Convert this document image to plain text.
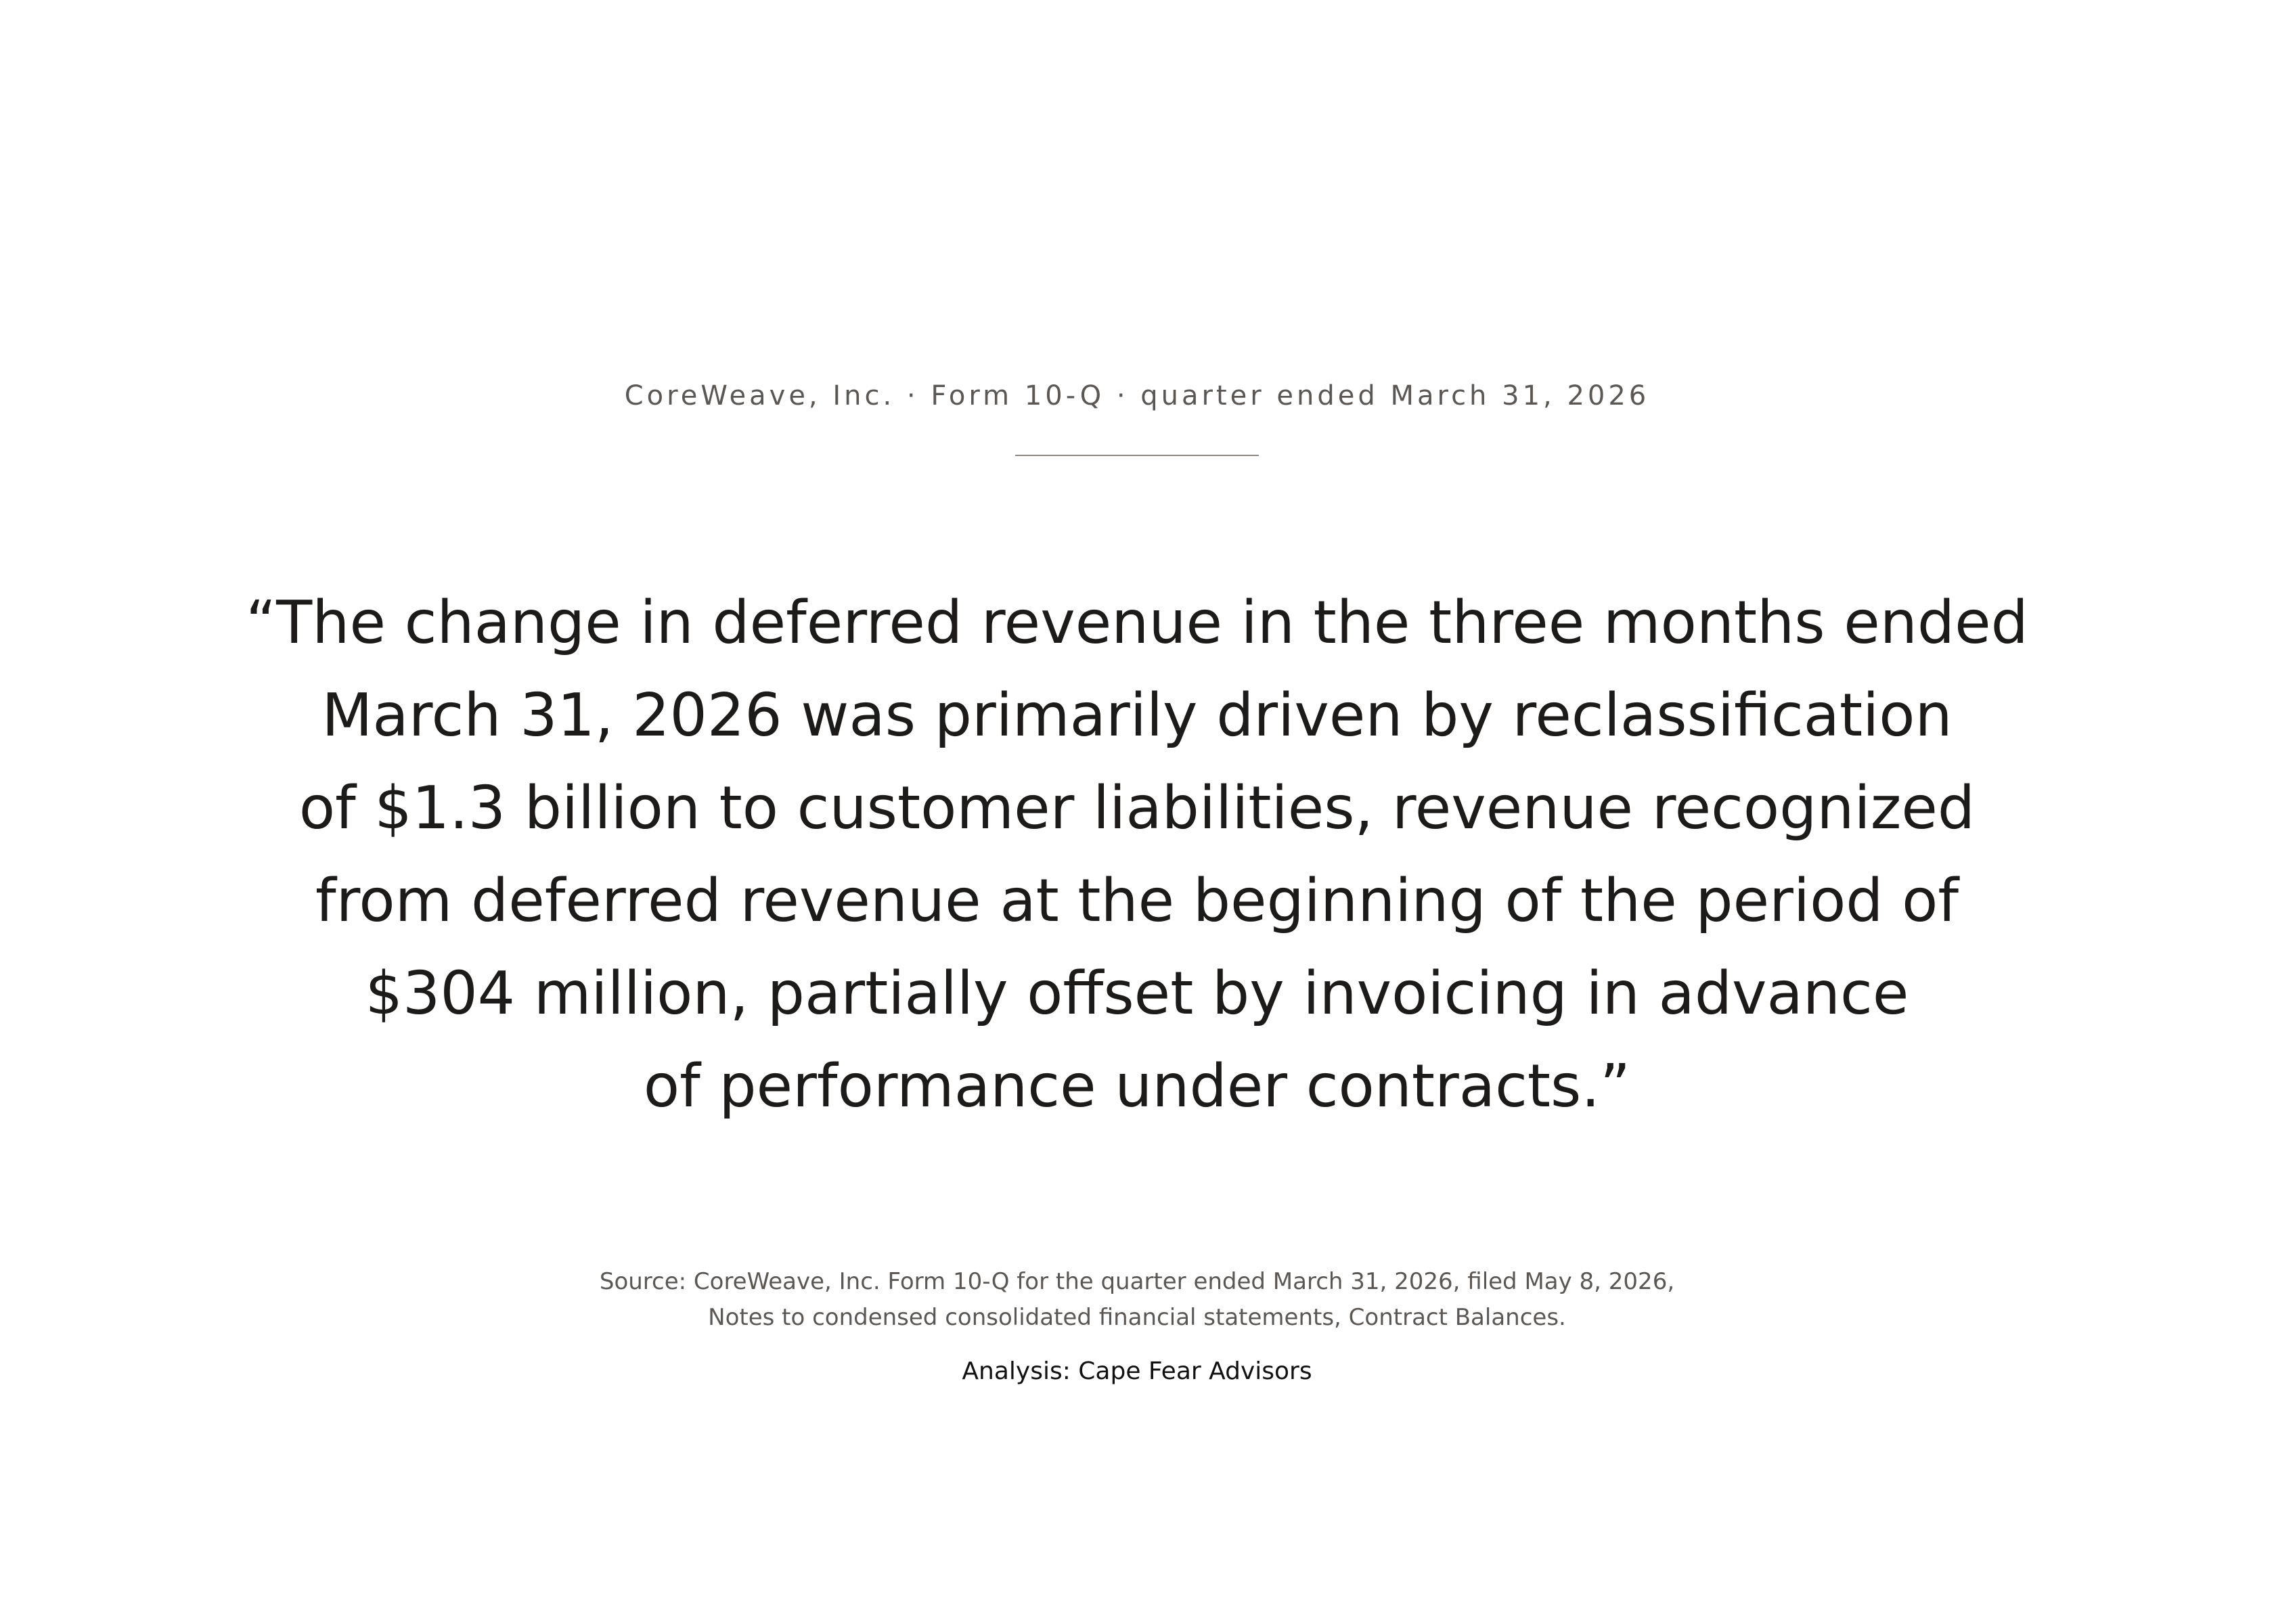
CoreWeave, Inc. · Form 10-Q · quarter ended March 31, 2026
“The change in deferred revenue in the three months ended
March 31, 2026 was primarily driven by reclassification
of $1.3 billion to customer liabilities, revenue recognized
from deferred revenue at the beginning of the period of
$304 million, partially offset by invoicing in advance
of performance under contracts.”
Source: CoreWeave, Inc. Form 10-Q for the quarter ended March 31, 2026, filed May 8, 2026,
Notes to condensed consolidated financial statements, Contract Balances.
Analysis: Cape Fear Advisors
